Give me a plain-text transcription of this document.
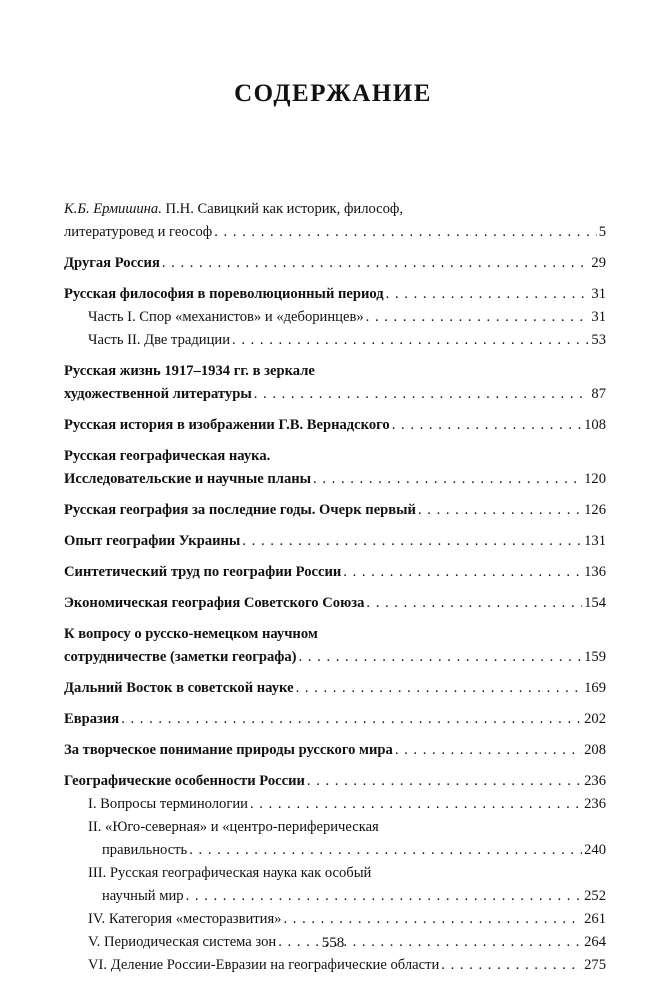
СОДЕРЖАНИЕ
К.Б. Ермишина. П.Н. Савицкий как историк, философ,
литературовед и геософ . . .	5
Другая Россия . . .	29
Русская философия в пореволюционный период . . .	31
Часть I. Спор «механистов» и «деборинцев» . . .	31
Часть II. Две традиции . . .	53
Русская жизнь 1917–1934 гг. в зеркале
художественной литературы . . .	87
Русская история в изображении Г.В. Вернадского . . .	108
Русская географическая наука.
Исследовательские и научные планы . . .	120
Русская география за последние годы. Очерк первый . . .	126
Опыт географии Украины . . .	131
Синтетический труд по географии России . . .	136
Экономическая география Советского Союза . . .	154
К вопросу о русско-немецком научном
сотрудничестве (заметки географа) . . .	159
Дальний Восток в советской науке . . .	169
Евразия . . .	202
За творческое понимание природы русского мира . . .	208
Географические особенности России . . .	236
I. Вопросы терминологии . . .	236
II. «Юго-северная» и «центро-периферическая
правильность . . .	240
III. Русская географическая наука как особый
научный мир . . .	252
IV. Категория «месторазвития» . . .	261
V. Периодическая система зон . . .	264
VI. Деление России-Евразии на географические области . . .	275
558
